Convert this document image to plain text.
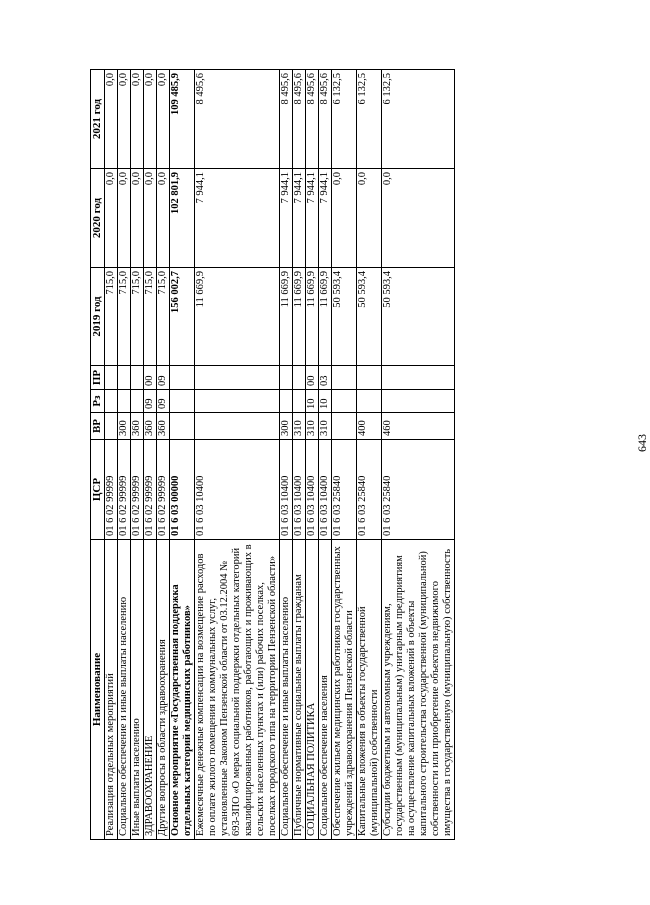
643
Наименование	ЦСР	ВР	Рз	ПР	2019 год	2020 год	2021 год
Реализация отдельных мероприятий	01 6 02 99999				715,0	0,0	0,0
Социальное обеспечение и иные выплаты населению	01 6 02 99999	300			715,0	0,0	0,0
Иные выплаты населению	01 6 02 99999	360			715,0	0,0	0,0
ЗДРАВООХРАНЕНИЕ	01 6 02 99999	360	09	00	715,0	0,0	0,0
Другие вопросы в области здравоохранения	01 6 02 99999	360	09	09	715,0	0,0	0,0
Основное мероприятие «Государственная поддержка отдельных категорий медицинских работников»	01 6 03 00000				156 002,7	102 801,9	109 485,9
Ежемесячные денежные компенсации на возмещение расходов по оплате жилого помещения и коммунальных услуг, установленные Законом Пензенской области от 03.12.2004 № 693-ЗПО «О мерах социальной поддержки отдельных категорий квалифицированных работников, работающих и проживающих в сельских населенных пунктах и (или) рабочих поселках, поселках городского типа на территории Пензенской области»	01 6 03 10400				11 669,9	7 944,1	8 495,6
Социальное обеспечение и иные выплаты населению	01 6 03 10400	300			11 669,9	7 944,1	8 495,6
Публичные нормативные социальные выплаты гражданам	01 6 03 10400	310			11 669,9	7 944,1	8 495,6
СОЦИАЛЬНАЯ ПОЛИТИКА	01 6 03 10400	310	10	00	11 669,9	7 944,1	8 495,6
Социальное обеспечение населения	01 6 03 10400	310	10	03	11 669,9	7 944,1	8 495,6
Обеспечение жильем медицинских работников государственных учреждений здравоохранения Пензенской области	01 6 03 25840				50 593,4	0,0	6 132,5
Капитальные вложения в объекты государственной (муниципальной) собственности	01 6 03 25840	400			50 593,4	0,0	6 132,5
Субсидии бюджетным и автономным учреждениям, государственным (муниципальным) унитарным предприятиям на осуществление капитальных вложений в объекты капитального строительства государственной (муниципальной) собственности или приобретение объектов недвижимого имущества в государственную (муниципальную) собственность	01 6 03 25840	460			50 593,4	0,0	6 132,5
